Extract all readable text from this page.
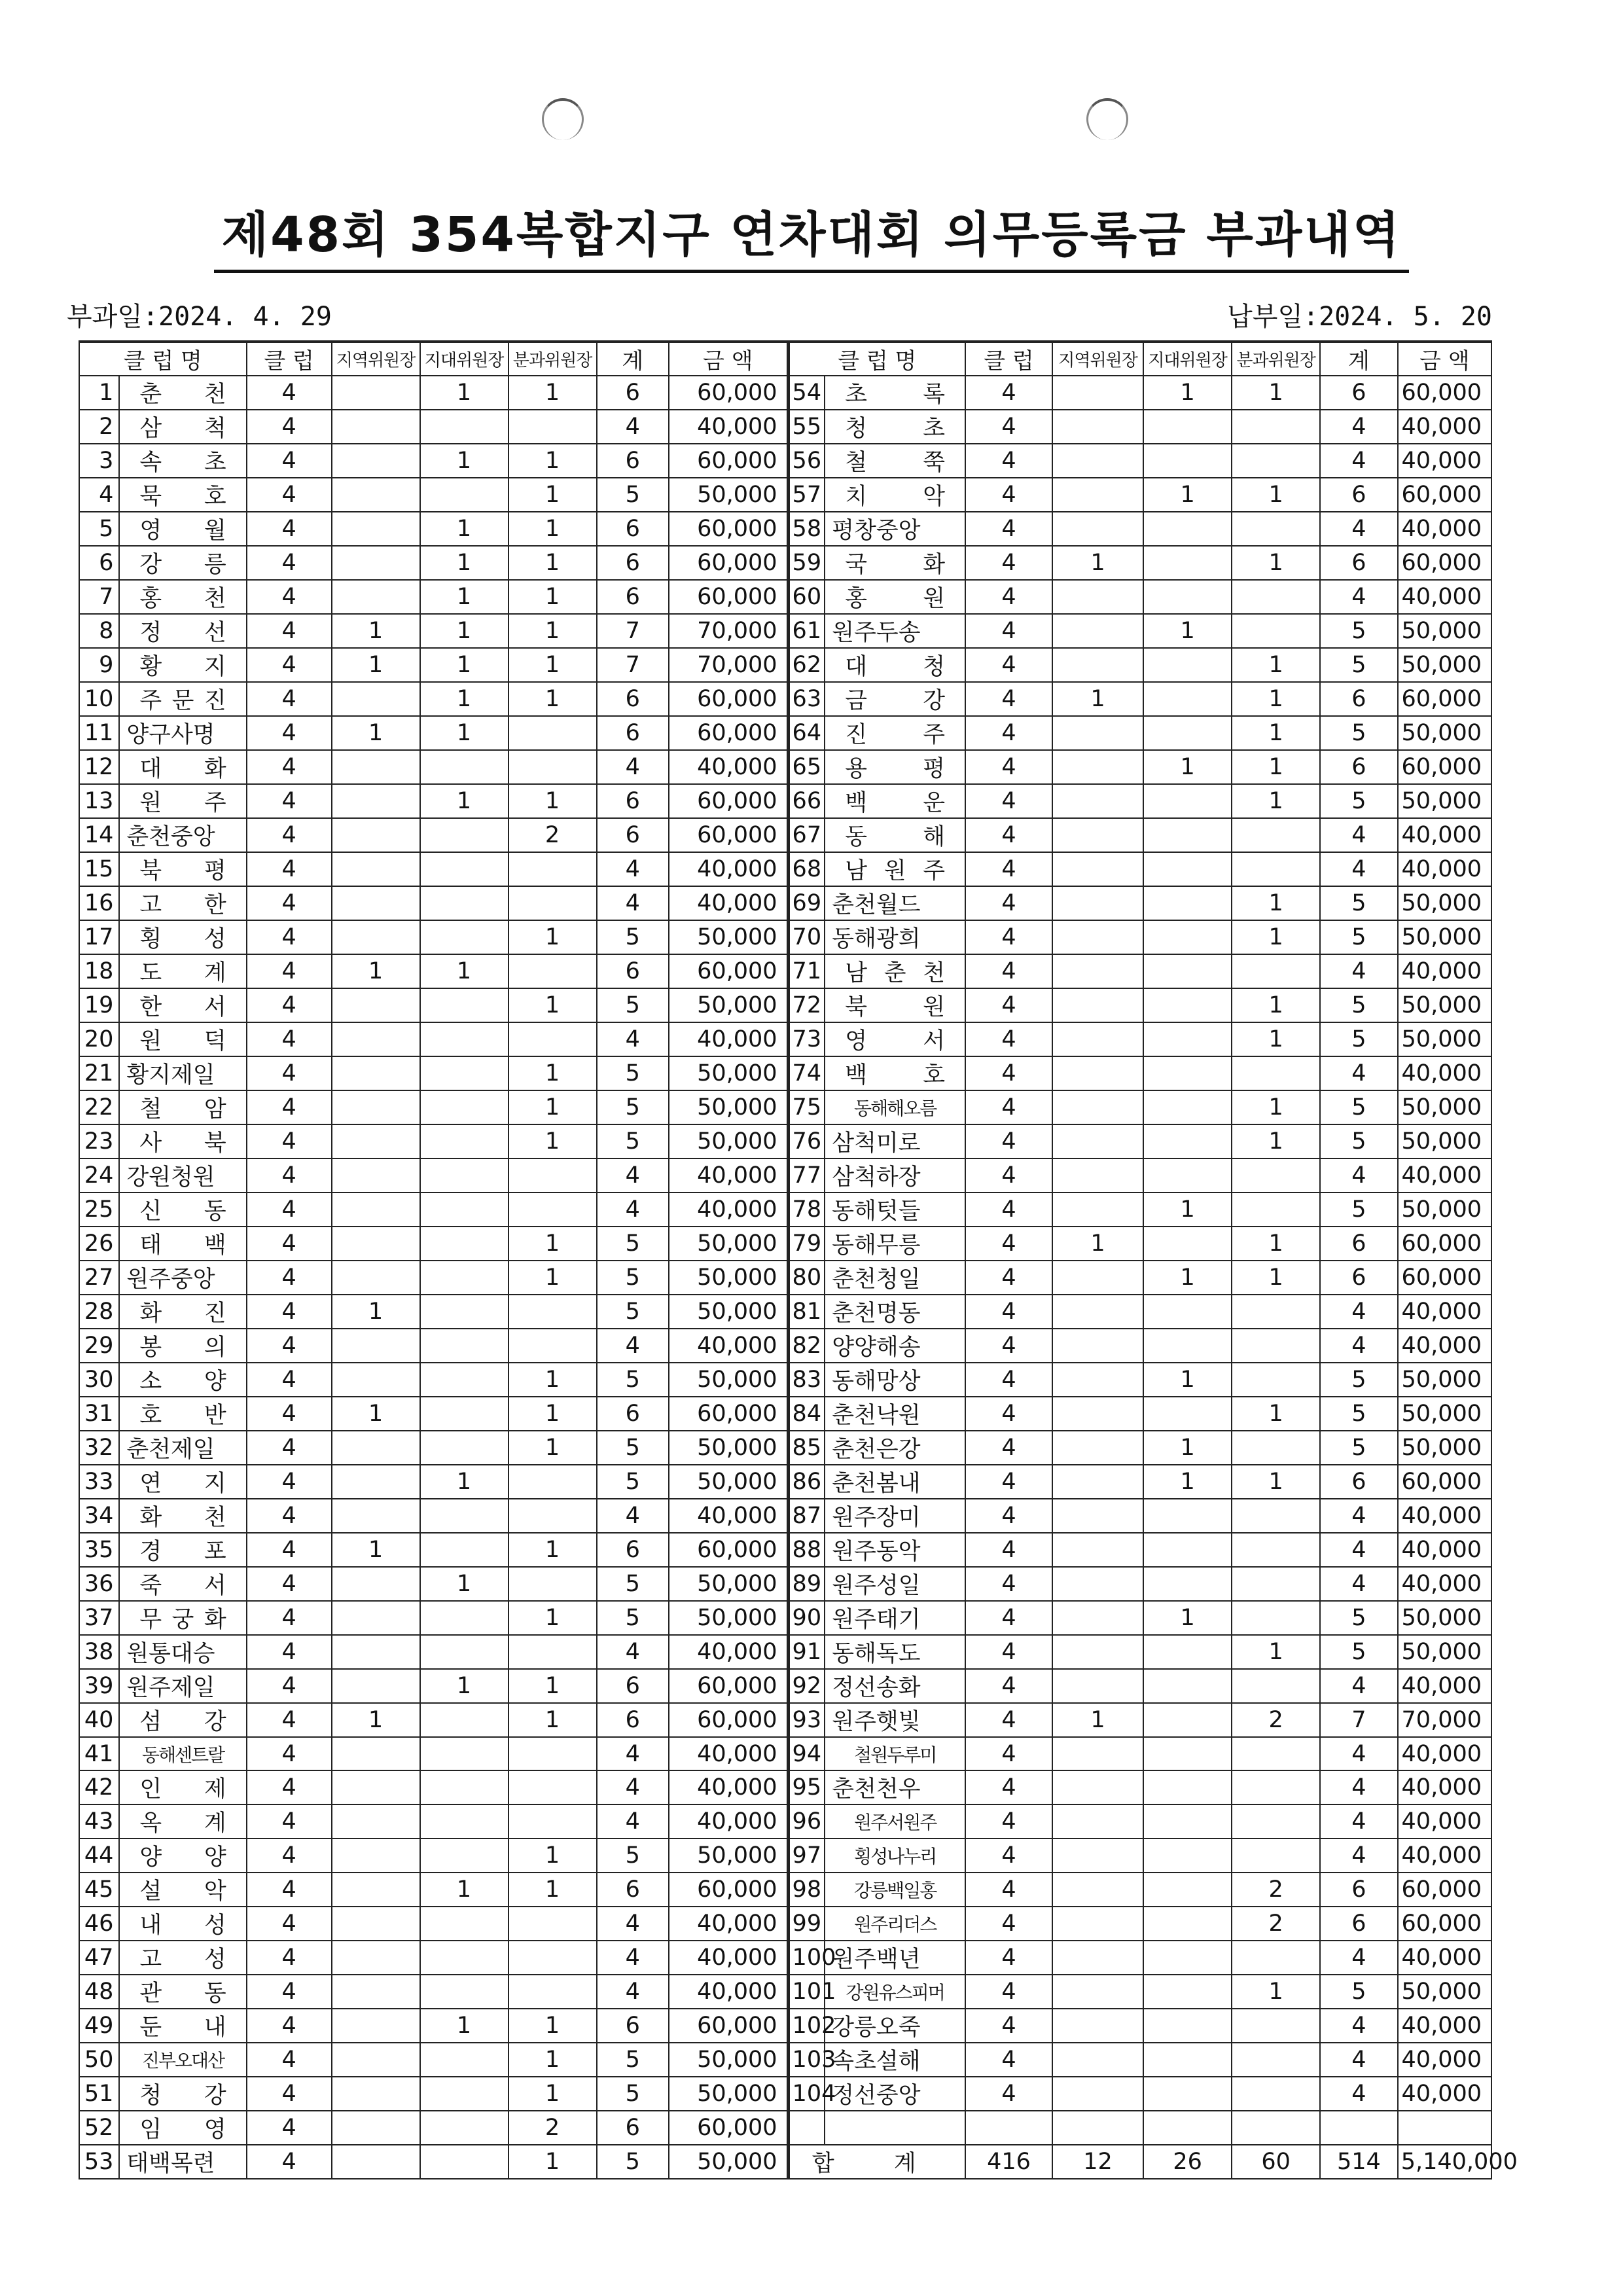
제48회 354복합지구 연차대회 의무등록금 부과내역
부과일:2024. 4. 29	납부일:2024. 5. 20
클 럽 명		클 럽	지역위원장	지대위원장	분과위원장	계	금 액	클 럽 명		클 럽	지역위원장	지대위원장	분과위원장	계	금 액
1	춘 천	4		1	1	6	60,000	54	초 록	4		1	1	6	60,000
2	삼 척	4				4	40,000	55	청 초	4				4	40,000
3	속 초	4		1	1	6	60,000	56	철 쭉	4				4	40,000
4	묵 호	4			1	5	50,000	57	치 악	4		1	1	6	60,000
5	영 월	4		1	1	6	60,000	58	평창중앙	4				4	40,000
6	강 릉	4		1	1	6	60,000	59	국 화	4	1		1	6	60,000
7	홍 천	4		1	1	6	60,000	60	홍 원	4				4	40,000
8	정 선	4	1	1	1	7	70,000	61	원주두송	4		1		5	50,000
9	황 지	4	1	1	1	7	70,000	62	대 청	4			1	5	50,000
10	주 문 진	4		1	1	6	60,000	63	금 강	4	1		1	6	60,000
11	양구사명	4	1	1		6	60,000	64	진 주	4			1	5	50,000
12	대 화	4				4	40,000	65	용 평	4		1	1	6	60,000
13	원 주	4		1	1	6	60,000	66	백 운	4			1	5	50,000
14	춘천중앙	4			2	6	60,000	67	동 해	4				4	40,000
15	북 평	4				4	40,000	68	남 원 주	4				4	40,000
16	고 한	4				4	40,000	69	춘천월드	4			1	5	50,000
17	횡 성	4			1	5	50,000	70	동해광희	4			1	5	50,000
18	도 계	4	1	1		6	60,000	71	남 춘 천	4				4	40,000
19	한 서	4			1	5	50,000	72	북 원	4			1	5	50,000
20	원 덕	4				4	40,000	73	영 서	4			1	5	50,000
21	황지제일	4			1	5	50,000	74	백 호	4				4	40,000
22	철 암	4			1	5	50,000	75	동해해오름	4			1	5	50,000
23	사 북	4			1	5	50,000	76	삼척미로	4			1	5	50,000
24	강원청원	4				4	40,000	77	삼척하장	4				4	40,000
25	신 동	4				4	40,000	78	동해텃들	4		1		5	50,000
26	태 백	4			1	5	50,000	79	동해무릉	4	1		1	6	60,000
27	원주중앙	4			1	5	50,000	80	춘천청일	4		1	1	6	60,000
28	화 진	4	1			5	50,000	81	춘천명동	4				4	40,000
29	봉 의	4				4	40,000	82	양양해송	4				4	40,000
30	소 양	4			1	5	50,000	83	동해망상	4		1		5	50,000
31	호 반	4	1		1	6	60,000	84	춘천낙원	4			1	5	50,000
32	춘천제일	4			1	5	50,000	85	춘천은강	4		1		5	50,000
33	연 지	4		1		5	50,000	86	춘천봄내	4		1	1	6	60,000
34	화 천	4				4	40,000	87	원주장미	4				4	40,000
35	경 포	4	1		1	6	60,000	88	원주동악	4				4	40,000
36	죽 서	4		1		5	50,000	89	원주성일	4				4	40,000
37	무 궁 화	4			1	5	50,000	90	원주태기	4		1		5	50,000
38	원통대승	4				4	40,000	91	동해독도	4			1	5	50,000
39	원주제일	4		1	1	6	60,000	92	정선송화	4				4	40,000
40	섬 강	4	1		1	6	60,000	93	원주햇빛	4	1		2	7	70,000
41	동해센트랄	4				4	40,000	94	철원두루미	4				4	40,000
42	인 제	4				4	40,000	95	춘천천우	4				4	40,000
43	옥 계	4				4	40,000	96	원주서원주	4				4	40,000
44	양 양	4			1	5	50,000	97	횡성나누리	4				4	40,000
45	설 악	4		1	1	6	60,000	98	강릉백일홍	4			2	6	60,000
46	내 성	4				4	40,000	99	원주리더스	4			2	6	60,000
47	고 성	4				4	40,000	100	원주백년	4				4	40,000
48	관 동	4				4	40,000	101	강원유스피머	4			1	5	50,000
49	둔 내	4		1	1	6	60,000	102	강릉오죽	4				4	40,000
50	진부오대산	4			1	5	50,000	103	속초설해	4				4	40,000
51	청 강	4			1	5	50,000	104	정선중앙	4				4	40,000
52	임 영	4			2	6	60,000								
53	태백목련	4			1	5	50,000	합 계		416	12	26	60	514	5,140,000
